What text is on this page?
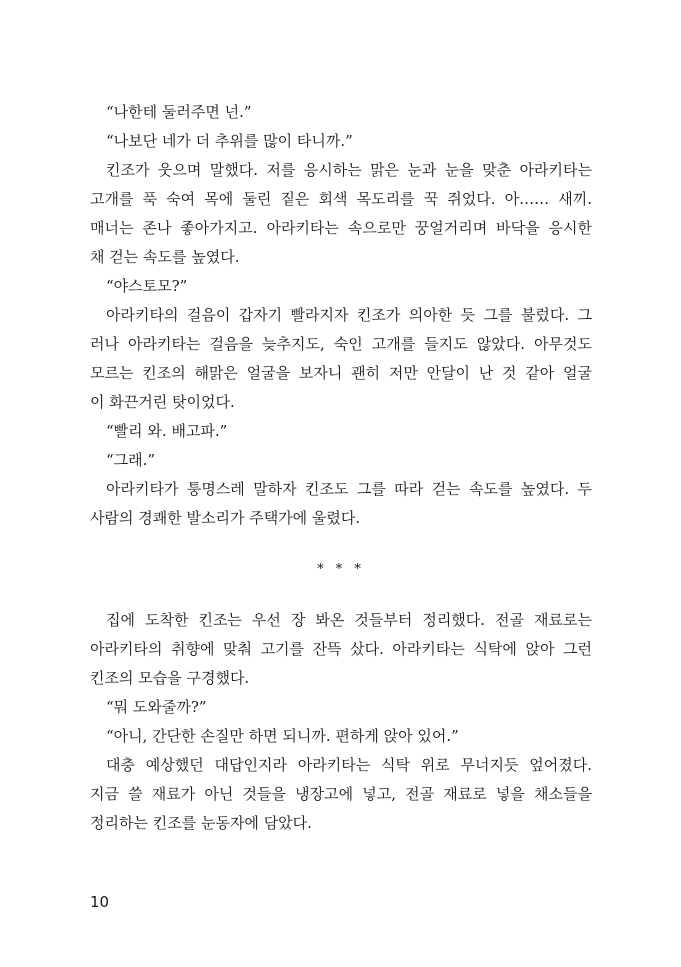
“나한테 둘러주면 넌.”
“나보단 네가 더 추위를 많이 타니까.”
킨조가 웃으며 말했다. 저를 응시하는 맑은 눈과 눈을 맞춘 아라키타는
고개를 푹 숙여 목에 둘린 짙은 회색 목도리를 꾹 쥐었다. 아…… 새끼.
매너는 존나 좋아가지고. 아라키타는 속으로만 꿍얼거리며 바닥을 응시한
채 걷는 속도를 높였다.
“야스토모?”
아라키타의 걸음이 갑자기 빨라지자 킨조가 의아한 듯 그를 불렀다. 그
러나 아라키타는 걸음을 늦추지도, 숙인 고개를 들지도 않았다. 아무것도
모르는 킨조의 해맑은 얼굴을 보자니 괜히 저만 안달이 난 것 같아 얼굴
이 화끈거린 탓이었다.
“빨리 와. 배고파.”
“그래.”
아라키타가 퉁명스레 말하자 킨조도 그를 따라 걷는 속도를 높였다. 두
사람의 경쾌한 발소리가 주택가에 울렸다.
* * *
집에 도착한 킨조는 우선 장 봐온 것들부터 정리했다. 전골 재료로는
아라키타의 취향에 맞춰 고기를 잔뜩 샀다. 아라키타는 식탁에 앉아 그런
킨조의 모습을 구경했다.
“뭐 도와줄까?”
“아니, 간단한 손질만 하면 되니까. 편하게 앉아 있어.”
대충 예상했던 대답인지라 아라키타는 식탁 위로 무너지듯 엎어졌다.
지금 쓸 재료가 아닌 것들을 냉장고에 넣고, 전골 재료로 넣을 채소들을
정리하는 킨조를 눈동자에 담았다.
10
